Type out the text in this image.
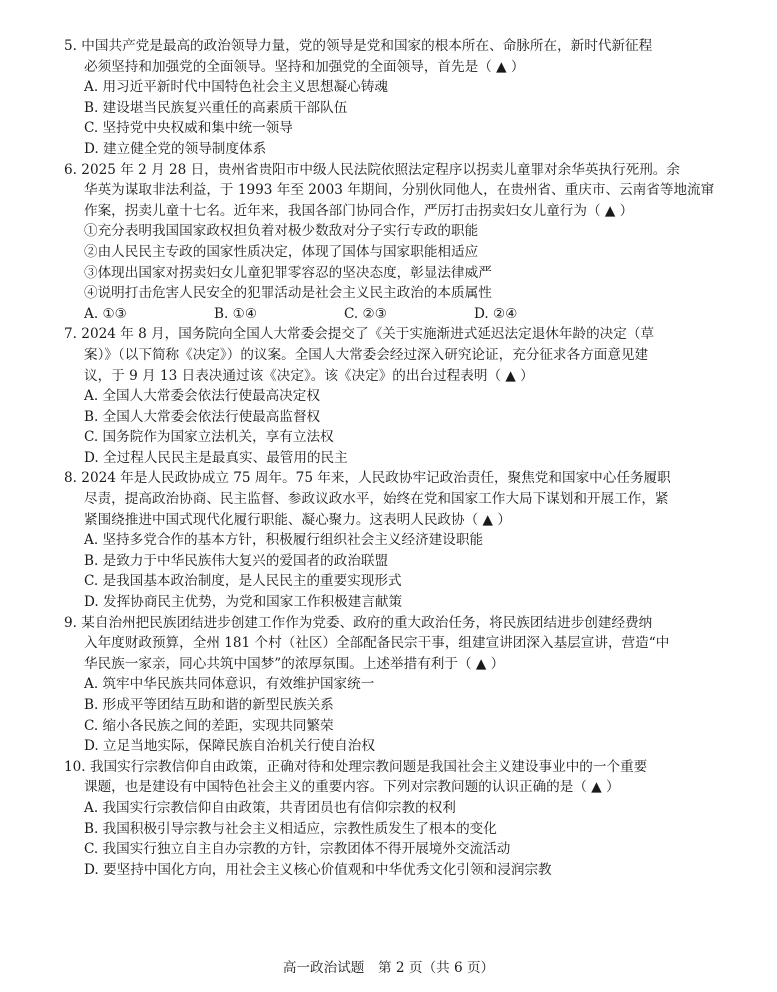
5. 中国共产党是最高的政治领导力量，党的领导是党和国家的根本所在、命脉所在，新时代新征程
必须坚持和加强党的全面领导。坚持和加强党的全面领导，首先是（ ▲ ）
A. 用习近平新时代中国特色社会主义思想凝心铸魂
B. 建设堪当民族复兴重任的高素质干部队伍
C. 坚持党中央权威和集中统一领导
D. 建立健全党的领导制度体系
6. 2025 年 2 月 28 日，贵州省贵阳市中级人民法院依照法定程序以拐卖儿童罪对余华英执行死刑。余
华英为谋取非法利益，于 1993 年至 2003 年期间，分别伙同他人，在贵州省、重庆市、云南省等地流窜
作案，拐卖儿童十七名。近年来，我国各部门协同合作，严厉打击拐卖妇女儿童行为（ ▲ ）
①充分表明我国国家政权担负着对极少数敌对分子实行专政的职能
②由人民民主专政的国家性质决定，体现了国体与国家职能相适应
③体现出国家对拐卖妇女儿童犯罪零容忍的坚决态度，彰显法律威严
④说明打击危害人民安全的犯罪活动是社会主义民主政治的本质属性
A. ①③	B. ①④	C. ②③	D. ②④
7. 2024 年 8 月，国务院向全国人大常委会提交了《关于实施渐进式延迟法定退休年龄的决定（草
案）》（以下简称《决定》）的议案。全国人大常委会经过深入研究论证，充分征求各方面意见建
议，于 9 月 13 日表决通过该《决定》。该《决定》的出台过程表明（ ▲ ）
A. 全国人大常委会依法行使最高决定权
B. 全国人大常委会依法行使最高监督权
C. 国务院作为国家立法机关，享有立法权
D. 全过程人民民主是最真实、最管用的民主
8. 2024 年是人民政协成立 75 周年。75 年来，人民政协牢记政治责任，聚焦党和国家中心任务履职
尽责，提高政治协商、民主监督、参政议政水平，始终在党和国家工作大局下谋划和开展工作，紧
紧围绕推进中国式现代化履行职能、凝心聚力。这表明人民政协（ ▲ ）
A. 坚持多党合作的基本方针，积极履行组织社会主义经济建设职能
B. 是致力于中华民族伟大复兴的爱国者的政治联盟
C. 是我国基本政治制度，是人民民主的重要实现形式
D. 发挥协商民主优势，为党和国家工作积极建言献策
9. 某自治州把民族团结进步创建工作作为党委、政府的重大政治任务，将民族团结进步创建经费纳
入年度财政预算，全州 181 个村（社区）全部配备民宗干事，组建宣讲团深入基层宣讲，营造“中
华民族一家亲，同心共筑中国梦”的浓厚氛围。上述举措有利于（ ▲ ）
A. 筑牢中华民族共同体意识，有效维护国家统一
B. 形成平等团结互助和谐的新型民族关系
C. 缩小各民族之间的差距，实现共同繁荣
D. 立足当地实际，保障民族自治机关行使自治权
10. 我国实行宗教信仰自由政策，正确对待和处理宗教问题是我国社会主义建设事业中的一个重要
课题，也是建设有中国特色社会主义的重要内容。下列对宗教问题的认识正确的是（ ▲ ）
A. 我国实行宗教信仰自由政策，共青团员也有信仰宗教的权利
B. 我国积极引导宗教与社会主义相适应，宗教性质发生了根本的变化
C. 我国实行独立自主自办宗教的方针，宗教团体不得开展境外交流活动
D. 要坚持中国化方向，用社会主义核心价值观和中华优秀文化引领和浸润宗教
高一政治试题　第 2 页（共 6 页）
